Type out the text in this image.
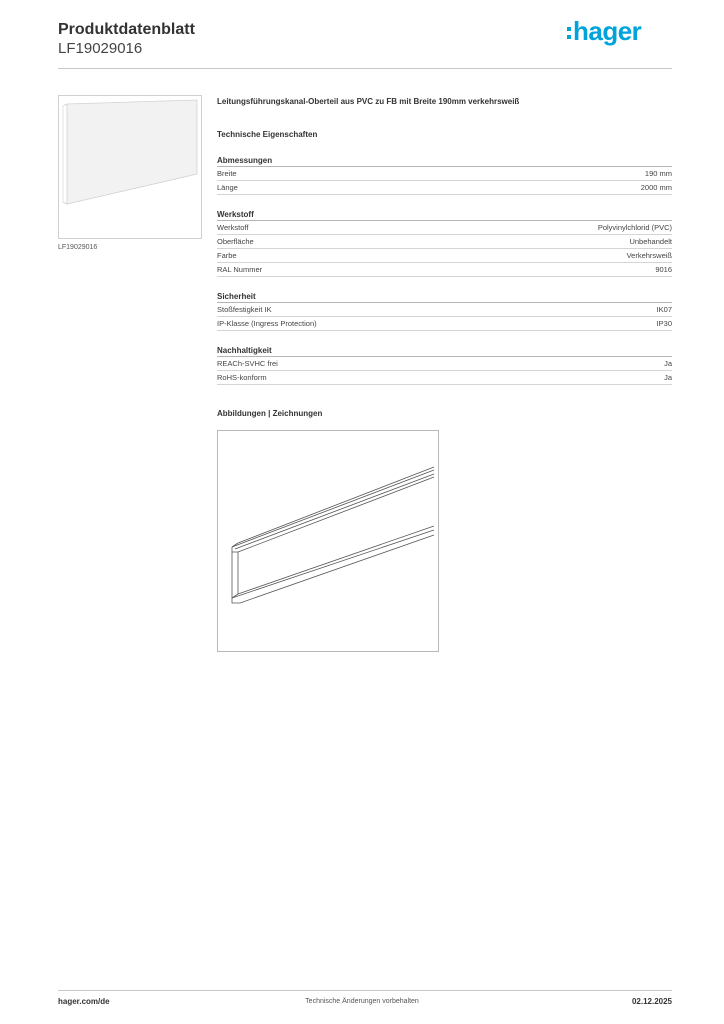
Produktdatenblatt
LF19029016
hager
LF19029016
Leitungsführungskanal-Oberteil aus PVC zu FB mit Breite 190mm verkehrsweiß
Technische Eigenschaften
Abmessungen
Breite	190 mm
Länge	2000 mm
Werkstoff
Werkstoff	Polyvinylchlorid (PVC)
Oberfläche	Unbehandelt
Farbe	Verkehrsweiß
RAL Nummer	9016
Sicherheit
Stoßfestigkeit IK	IK07
IP-Klasse (Ingress Protection)	IP30
Nachhaltigkeit
REACh-SVHC frei	Ja
RoHS-konform	Ja
Abbildungen | Zeichnungen
hager.com/de	Technische Änderungen vorbehalten	02.12.2025
